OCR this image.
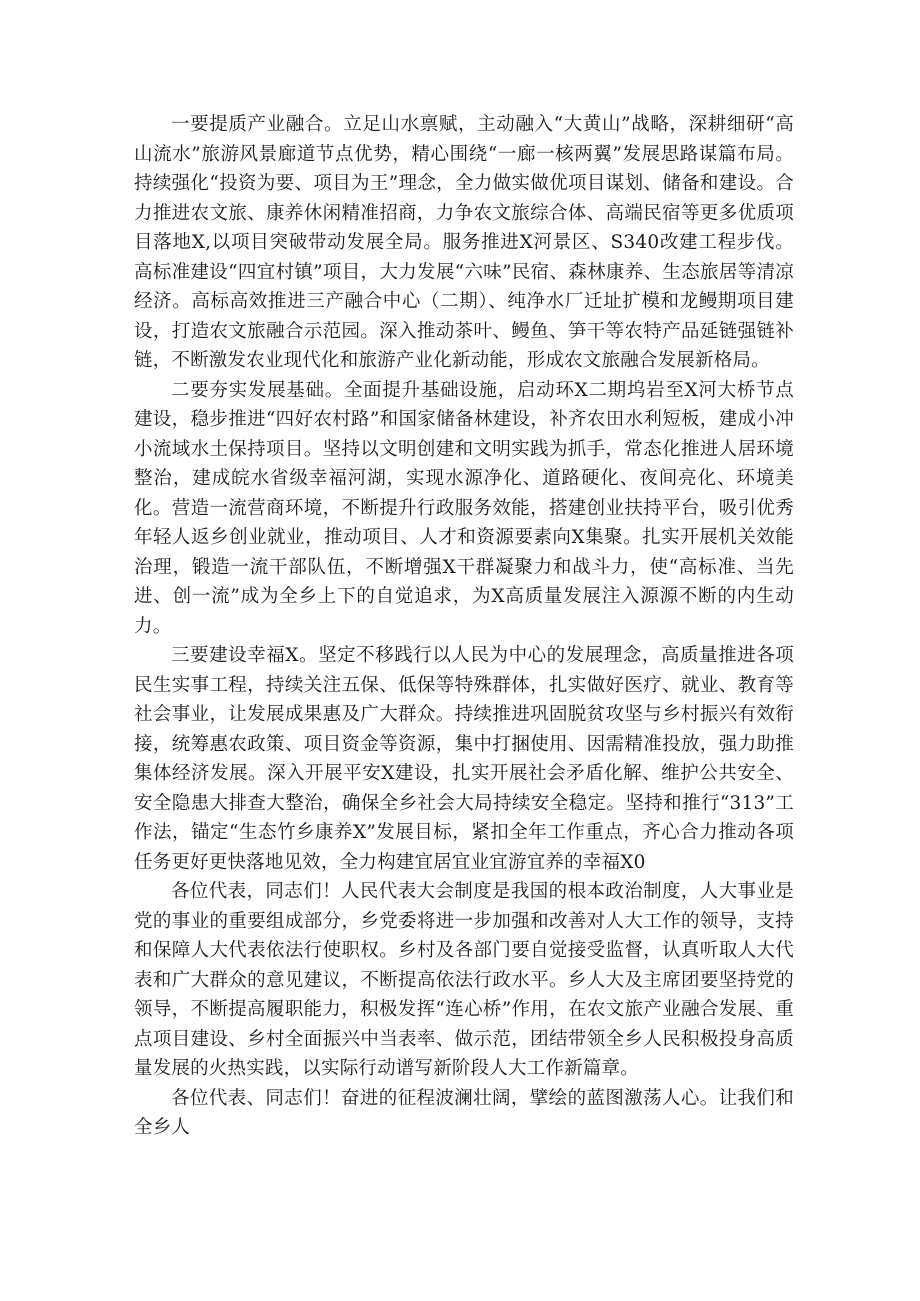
一要提质产业融合。立足山水禀赋，主动融入“大黄山”战略，深耕细研“高山流水”旅游风景廊道节点优势，精心围绕“一廊一核两翼”发展思路谋篇布局。持续强化“投资为要、项目为王”理念，全力做实做优项目谋划、储备和建设。合力推进农文旅、康养休闲精准招商，力争农文旅综合体、高端民宿等更多优质项目落地X,以项目突破带动发展全局。服务推进X河景区、S340改建工程步伐。高标准建设“四宜村镇”项目，大力发展“六味”民宿、森林康养、生态旅居等清凉经济。高标高效推进三产融合中心（二期）、纯净水厂迁址扩模和龙鳗期项目建设，打造农文旅融合示范园。深入推动茶叶、鳗鱼、笋干等农特产品延链强链补链，不断激发农业现代化和旅游产业化新动能，形成农文旅融合发展新格局。

二要夯实发展基础。全面提升基础设施，启动环X二期坞岩至X河大桥节点建设，稳步推进“四好农村路”和国家储备林建设，补齐农田水利短板，建成小冲小流域水土保持项目。坚持以文明创建和文明实践为抓手，常态化推进人居环境整治，建成皖水省级幸福河湖，实现水源净化、道路硬化、夜间亮化、环境美化。营造一流营商环境，不断提升行政服务效能，搭建创业扶持平台，吸引优秀年轻人返乡创业就业，推动项目、人才和资源要素向X集聚。扎实开展机关效能治理，锻造一流干部队伍，不断增强X干群凝聚力和战斗力，使“高标准、当先进、创一流”成为全乡上下的自觉追求，为X高质量发展注入源源不断的内生动力。

三要建设幸福X。坚定不移践行以人民为中心的发展理念，高质量推进各项民生实事工程，持续关注五保、低保等特殊群体，扎实做好医疗、就业、教育等社会事业，让发展成果惠及广大群众。持续推进巩固脱贫攻坚与乡村振兴有效衔接，统筹惠农政策、项目资金等资源，集中打捆使用、因需精准投放，强力助推集体经济发展。深入开展平安X建设，扎实开展社会矛盾化解、维护公共安全、安全隐患大排查大整治，确保全乡社会大局持续安全稳定。坚持和推行“313”工作法，锚定“生态竹乡康养X”发展目标，紧扣全年工作重点，齐心合力推动各项任务更好更快落地见效，全力构建宜居宜业宜游宜养的幸福X0

各位代表，同志们！人民代表大会制度是我国的根本政治制度，人大事业是党的事业的重要组成部分，乡党委将进一步加强和改善对人大工作的领导，支持和保障人大代表依法行使职权。乡村及各部门要自觉接受监督，认真听取人大代表和广大群众的意见建议，不断提高依法行政水平。乡人大及主席团要坚持党的领导，不断提高履职能力，积极发挥“连心桥”作用，在农文旅产业融合发展、重点项目建设、乡村全面振兴中当表率、做示范，团结带领全乡人民积极投身高质量发展的火热实践，以实际行动谱写新阶段人大工作新篇章。

各位代表、同志们！奋进的征程波澜壮阔，擘绘的蓝图激荡人心。让我们和全乡人
